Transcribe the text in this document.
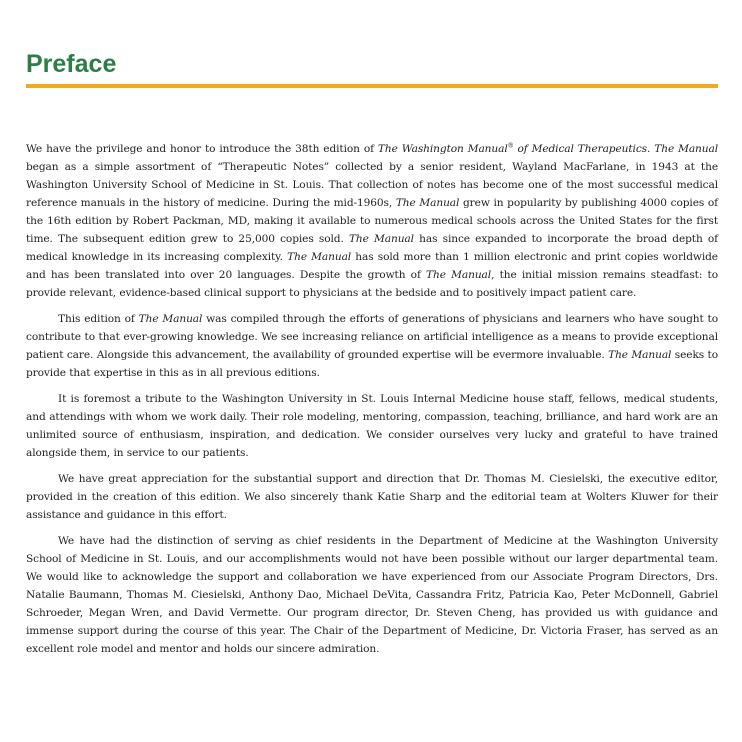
Preface

We have the privilege and honor to introduce the 38th edition of The Washington Manual® of Medical Therapeutics. The Manual began as a simple assortment of “Therapeutic Notes” collected by a senior resident, Wayland MacFarlane, in 1943 at the Washington University School of Medicine in St. Louis. That collection of notes has become one of the most successful medical reference manuals in the history of medicine. During the mid-1960s, The Manual grew in popularity by publishing 4000 copies of the 16th edition by Robert Packman, MD, making it available to numerous medical schools across the United States for the first time. The subsequent edition grew to 25,000 copies sold. The Manual has since expanded to incorporate the broad depth of medical knowledge in its increasing complexity. The Manual has sold more than 1 million electronic and print copies worldwide and has been translated into over 20 languages. Despite the growth of The Manual, the initial mission remains steadfast: to provide relevant, evidence-based clinical support to physicians at the bedside and to positively impact patient care.

This edition of The Manual was compiled through the efforts of generations of physicians and learners who have sought to contribute to that ever-growing knowledge. We see increasing reliance on artificial intelligence as a means to provide exceptional patient care. Alongside this advancement, the availability of grounded expertise will be evermore invaluable. The Manual seeks to provide that expertise in this as in all previous editions.

It is foremost a tribute to the Washington University in St. Louis Internal Medicine house staff, fellows, medical students, and attendings with whom we work daily. Their role modeling, mentoring, compassion, teaching, brilliance, and hard work are an unlimited source of enthusiasm, inspiration, and dedication. We consider ourselves very lucky and grateful to have trained alongside them, in service to our patients.

We have great appreciation for the substantial support and direction that Dr. Thomas M. Ciesielski, the executive editor, provided in the creation of this edition. We also sincerely thank Katie Sharp and the editorial team at Wolters Kluwer for their assistance and guidance in this effort.

We have had the distinction of serving as chief residents in the Department of Medicine at the Washington University School of Medicine in St. Louis, and our accomplishments would not have been possible without our larger departmental team. We would like to acknowledge the support and collaboration we have experienced from our Associate Program Directors, Drs. Natalie Baumann, Thomas M. Ciesielski, Anthony Dao, Michael DeVita, Cassandra Fritz, Patricia Kao, Peter McDonnell, Gabriel Schroeder, Megan Wren, and David Vermette. Our program director, Dr. Steven Cheng, has provided us with guidance and immense support during the course of this year. The Chair of the Department of Medicine, Dr. Victoria Fraser, has served as an excellent role model and mentor and holds our sincere admiration.
